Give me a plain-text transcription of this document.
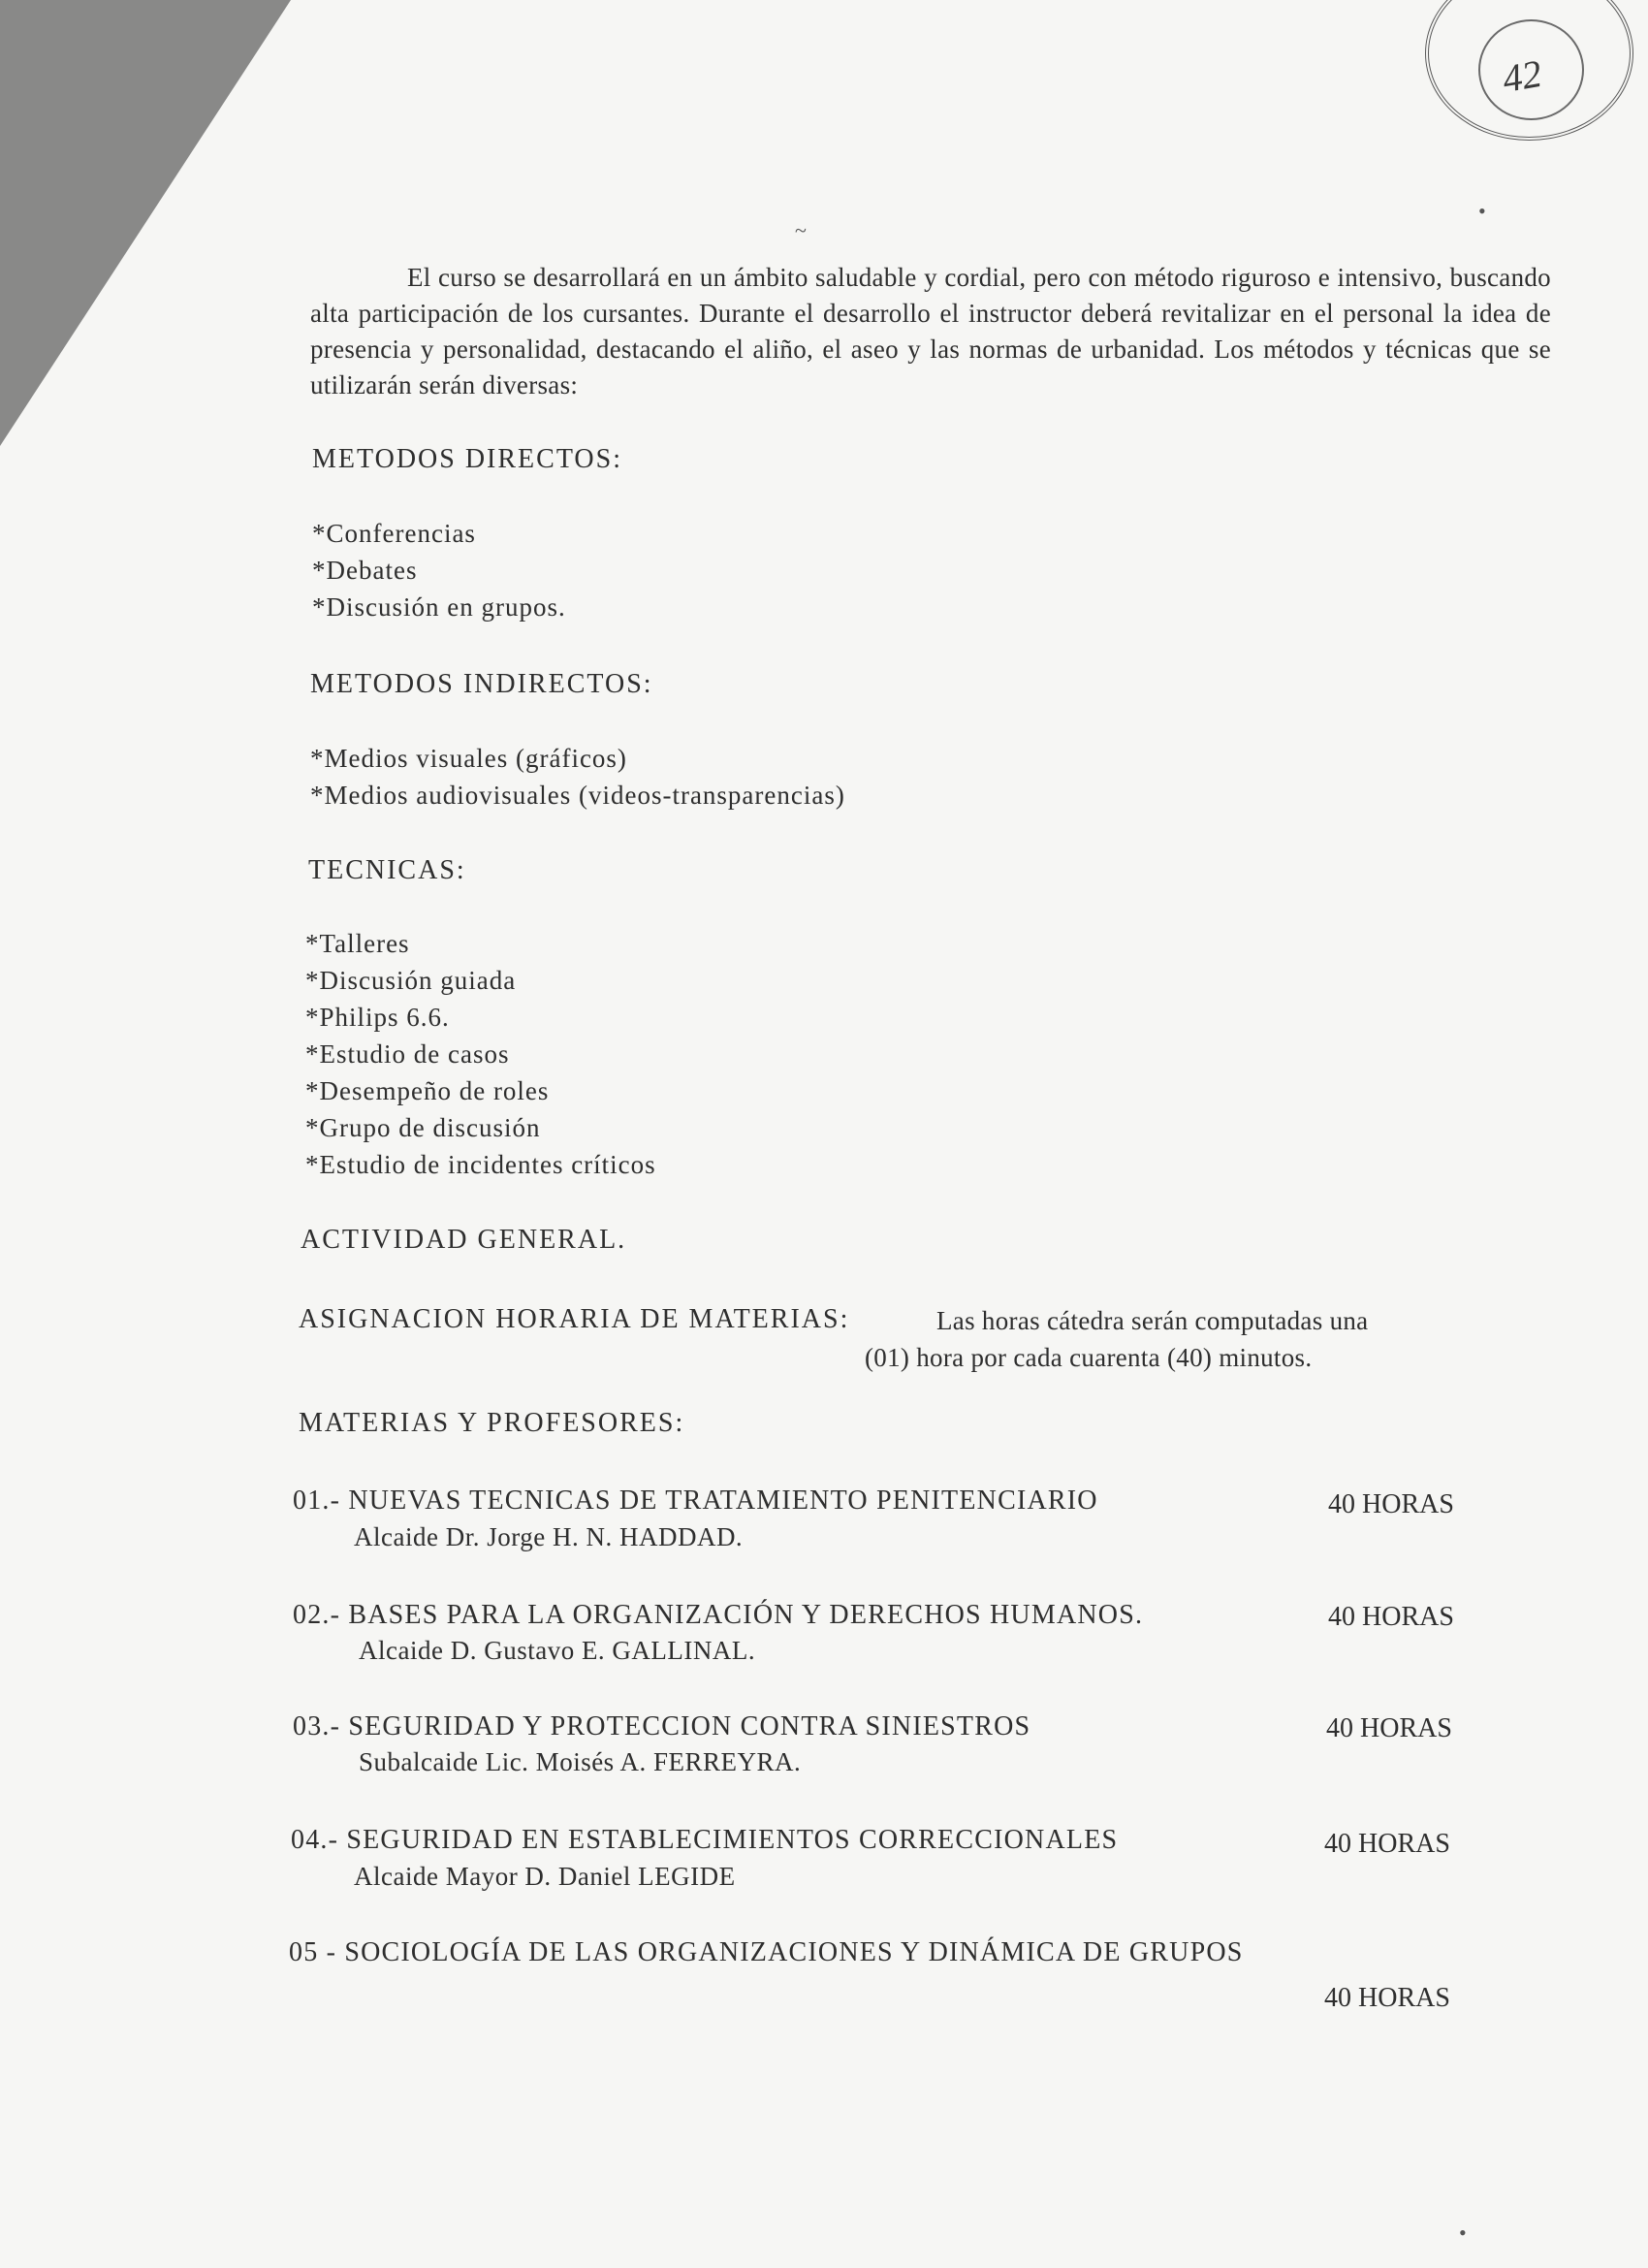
42

El curso se desarrollará en un ámbito saludable y cordial, pero con método riguroso e intensivo, buscando alta participación de los cursantes. Durante el desarrollo el instructor deberá revitalizar en el personal la idea de presencia y personalidad, destacando el aliño, el aseo y las normas de urbanidad. Los métodos y técnicas que se utilizarán serán diversas:

METODOS DIRECTOS:
*Conferencias
*Debates
*Discusión en grupos.
METODOS INDIRECTOS:
*Medios visuales (gráficos)
*Medios audiovisuales (videos-transparencias)
TECNICAS:
*Talleres
*Discusión guiada
*Philips 6.6.
*Estudio de casos
*Desempeño de roles
*Grupo de discusión
*Estudio de incidentes críticos
ACTIVIDAD GENERAL.
ASIGNACION HORARIA DE MATERIAS:	Las horas cátedra serán computadas una
(01) hora por cada cuarenta (40) minutos.
MATERIAS Y PROFESORES:
01.- NUEVAS TECNICAS DE TRATAMIENTO PENITENCIARIO	40 HORAS
Alcaide Dr. Jorge H. N. HADDAD.
02.- BASES PARA LA ORGANIZACIÓN Y DERECHOS HUMANOS.	40 HORAS
Alcaide D. Gustavo E. GALLINAL.
03.- SEGURIDAD Y PROTECCION CONTRA SINIESTROS	40 HORAS
Subalcaide Lic. Moisés A. FERREYRA.
04.- SEGURIDAD EN ESTABLECIMIENTOS CORRECCIONALES	40 HORAS
Alcaide Mayor D. Daniel LEGIDE
05 - SOCIOLOGÍA DE LAS ORGANIZACIONES Y DINÁMICA DE GRUPOS
40 HORAS
~
•
•
